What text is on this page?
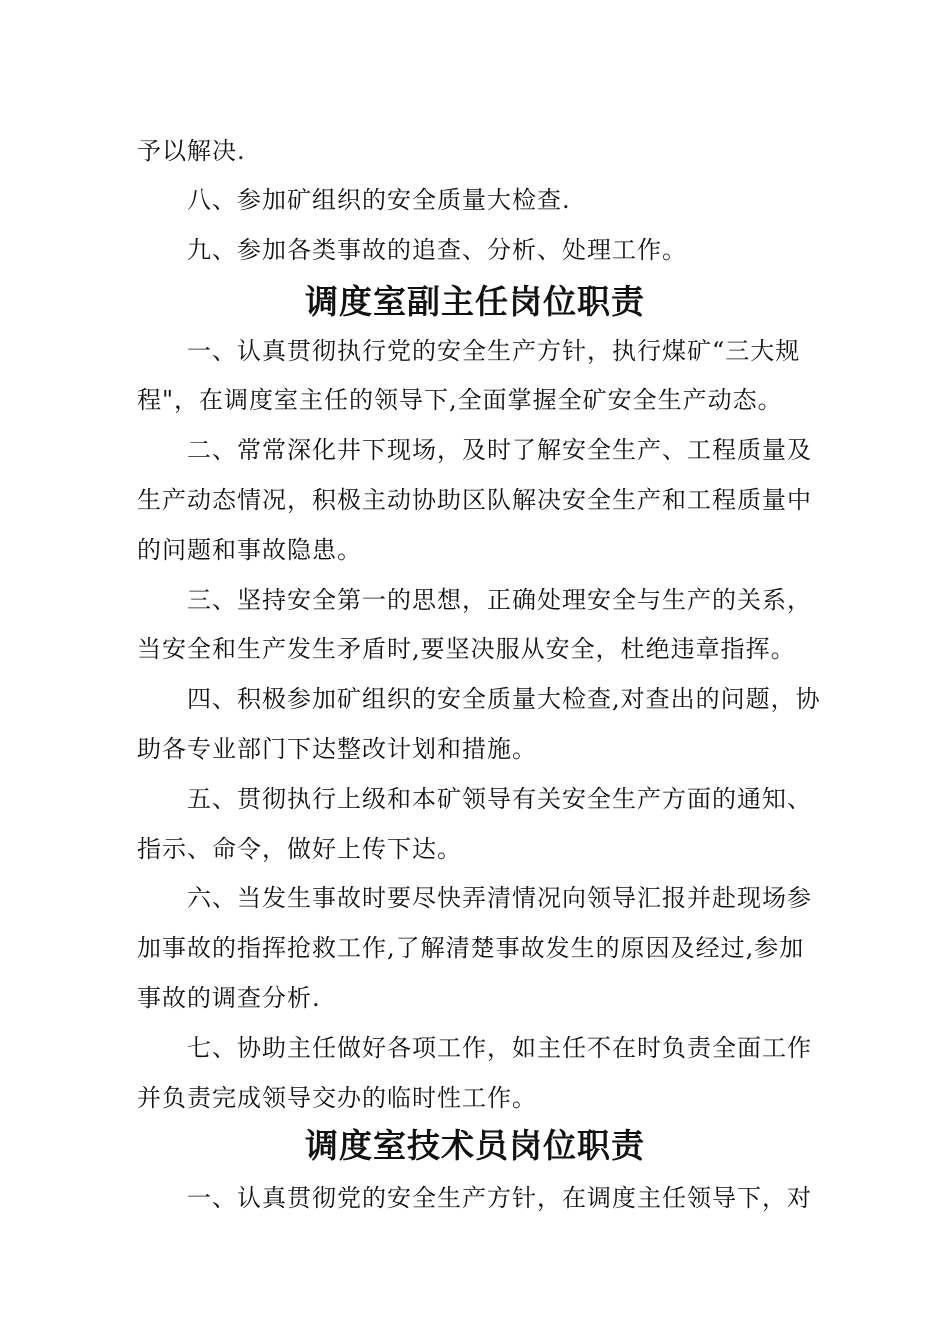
予以解决.
八、参加矿组织的安全质量大检查.
九、参加各类事故的追查、分析、处理工作。
调度室副主任岗位职责
一、认真贯彻执行党的安全生产方针，执行煤矿“三大规
程"，在调度室主任的领导下,全面掌握全矿安全生产动态。
二、常常深化井下现场，及时了解安全生产、工程质量及
生产动态情况，积极主动协助区队解决安全生产和工程质量中
的问题和事故隐患。
三、坚持安全第一的思想，正确处理安全与生产的关系，
当安全和生产发生矛盾时,要坚决服从安全，杜绝违章指挥。
四、积极参加矿组织的安全质量大检查,对查出的问题，协
助各专业部门下达整改计划和措施。
五、贯彻执行上级和本矿领导有关安全生产方面的通知、
指示、命令，做好上传下达。
六、当发生事故时要尽快弄清情况向领导汇报并赴现场参
加事故的指挥抢救工作,了解清楚事故发生的原因及经过,参加
事故的调查分析.
七、协助主任做好各项工作，如主任不在时负责全面工作
并负责完成领导交办的临时性工作。
调度室技术员岗位职责
一、认真贯彻党的安全生产方针，在调度主任领导下，对
